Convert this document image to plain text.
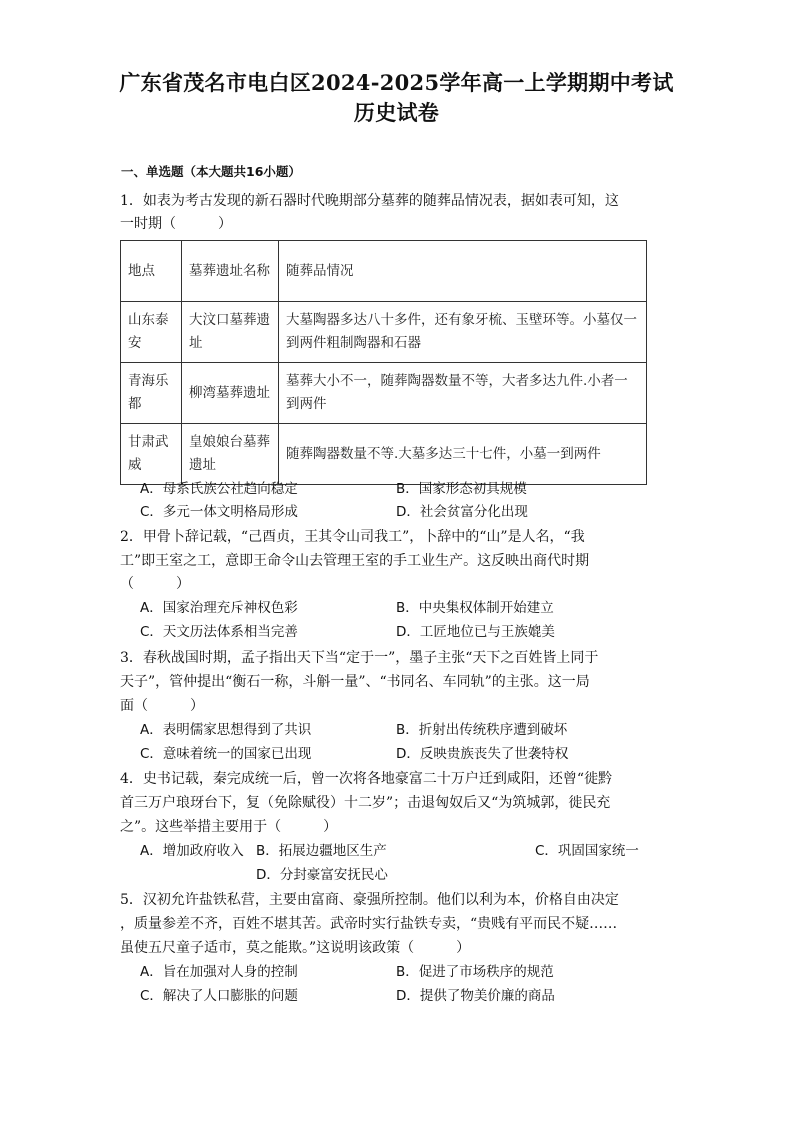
广东省茂名市电白区2024-2025学年高一上学期期中考试
历史试卷
一、单选题（本大题共16小题）
1．如表为考古发现的新石器时代晚期部分墓葬的随葬品情况表，据如表可知，这
一时期（　　　）
地点	墓葬遗址名称	随葬品情况
山东泰安	大汶口墓葬遗址	大墓陶器多达八十多件，还有象牙梳、玉壁环等。小墓仅一到两件粗制陶器和石器
青海乐都	柳湾墓葬遗址	墓葬大小不一，随葬陶器数量不等，大者多达九件.小者一到两件
甘肃武威	皇娘娘台墓葬遗址	随葬陶器数量不等.大墓多达三十七件，小墓一到两件
A．母系氏族公社趋向稳定	B．国家形态初具规模
C．多元一体文明格局形成	D．社会贫富分化出现
2．甲骨卜辞记载，“己酉贞，王其令山司我工”，卜辞中的“山”是人名，“我
工”即王室之工，意即王命令山去管理王室的手工业生产。这反映出商代时期
（　　　）
A．国家治理充斥神权色彩	B．中央集权体制开始建立
C．天文历法体系相当完善	D．工匠地位已与王族媲美
3．春秋战国时期，孟子指出天下当“定于一”，墨子主张“天下之百姓皆上同于
天子”，管仲提出“衡石一称，斗斛一量”、“书同名、车同轨”的主张。这一局
面（　　　）
A．表明儒家思想得到了共识	B．折射出传统秩序遭到破坏
C．意味着统一的国家已出现	D．反映贵族丧失了世袭特权
4．史书记载，秦完成统一后，曾一次将各地豪富二十万户迁到咸阳，还曾“徙黔
首三万户琅玡台下，复（免除赋役）十二岁”；击退匈奴后又“为筑城郭，徙民充
之”。这些举措主要用于（　　　）
A．增加政府收入 B．拓展边疆地区生产	C．巩固国家统一
D．分封豪富安抚民心
5．汉初允许盐铁私营，主要由富商、豪强所控制。他们以利为本，价格自由决定
，质量参差不齐，百姓不堪其苦。武帝时实行盐铁专卖，“贵贱有平而民不疑……
虽使五尺童子适市，莫之能欺。”这说明该政策（　　　）
A．旨在加强对人身的控制	B．促进了市场秩序的规范
C．解决了人口膨胀的问题	D．提供了物美价廉的商品
